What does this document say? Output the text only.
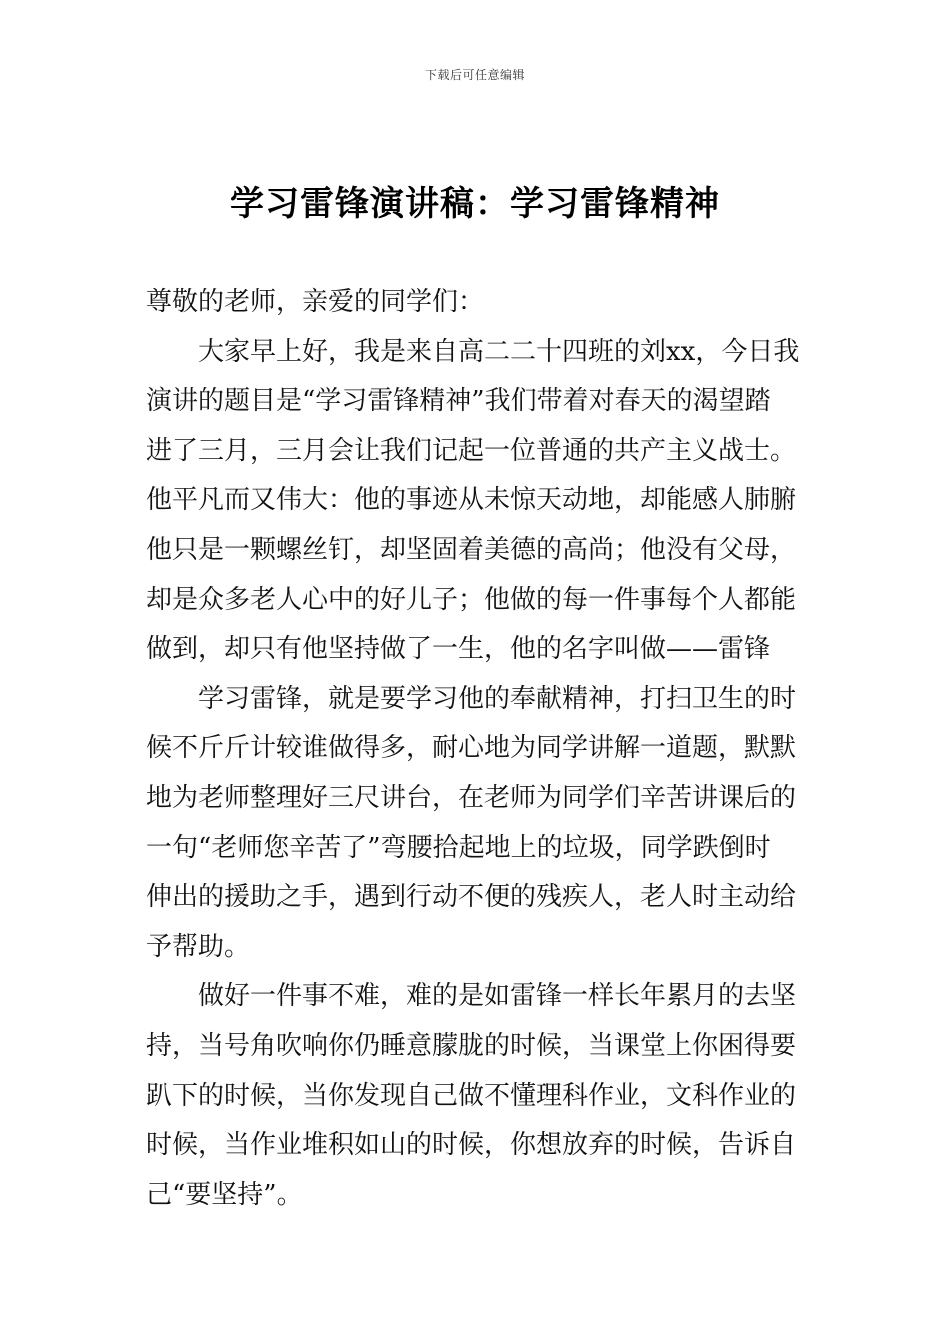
下载后可任意编辑
学习雷锋演讲稿：学习雷锋精神
尊敬的老师，亲爱的同学们：
大家早上好，我是来自高二二十四班的刘xx，今日我
演讲的题目是“学习雷锋精神”我们带着对春天的渴望踏
进了三月，三月会让我们记起一位普通的共产主义战士。
他平凡而又伟大：他的事迹从未惊天动地，却能感人肺腑
他只是一颗螺丝钉，却坚固着美德的高尚；他没有父母，
却是众多老人心中的好儿子；他做的每一件事每个人都能
做到，却只有他坚持做了一生，他的名字叫做——雷锋
学习雷锋，就是要学习他的奉献精神，打扫卫生的时
候不斤斤计较谁做得多，耐心地为同学讲解一道题，默默
地为老师整理好三尺讲台，在老师为同学们辛苦讲课后的
一句“老师您辛苦了”弯腰拾起地上的垃圾，同学跌倒时
伸出的援助之手，遇到行动不便的残疾人，老人时主动给
予帮助。
做好一件事不难，难的是如雷锋一样长年累月的去坚
持，当号角吹响你仍睡意朦胧的时候，当课堂上你困得要
趴下的时候，当你发现自己做不懂理科作业，文科作业的
时候，当作业堆积如山的时候，你想放弃的时候，告诉自
己“要坚持”。
